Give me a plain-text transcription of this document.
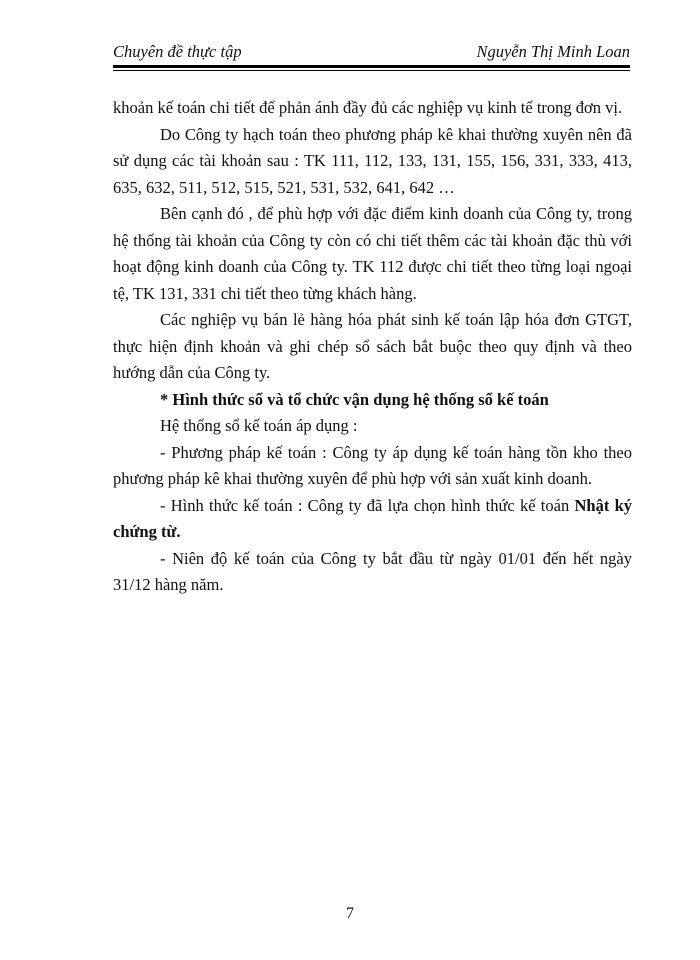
Chuyên đề thực tập	Nguyễn Thị Minh Loan

khoản kế toán chi tiết để phản ánh đầy đủ các nghiệp vụ kinh tế trong đơn vị.

Do Công ty hạch toán theo phương pháp kê khai thường xuyên nên đã sử dụng các tài khoản sau : TK 111, 112, 133, 131, 155, 156, 331, 333, 413, 635, 632, 511, 512, 515, 521, 531, 532, 641, 642 …

Bên cạnh đó , để phù hợp với đặc điểm kinh doanh của Công ty, trong hệ thống tài khoản của Công ty còn có chi tiết thêm các tài khoản đặc thù với hoạt động kinh doanh của Công ty. TK 112 được chi tiết theo từng loại ngoại tệ, TK 131, 331 chi tiết theo từng khách hàng.

Các nghiệp vụ bán lẻ hàng hóa phát sinh kế toán lập hóa đơn GTGT, thực hiện định khoản và ghi chép sổ sách bắt buộc theo quy định và theo hướng dẫn của Công ty.

* Hình thức sổ và tổ chức vận dụng hệ thống sổ kế toán

Hệ thống sổ kế toán áp dụng :

- Phương pháp kế toán : Công ty áp dụng kế toán hàng tồn kho theo phương pháp kê khai thường xuyên để phù hợp với sản xuất kinh doanh.

- Hình thức kế toán : Công ty đã lựa chọn hình thức kế toán Nhật ký chứng từ.

- Niên độ kế toán của Công ty bắt đầu từ ngày 01/01 đến hết ngày 31/12 hàng năm.

7
